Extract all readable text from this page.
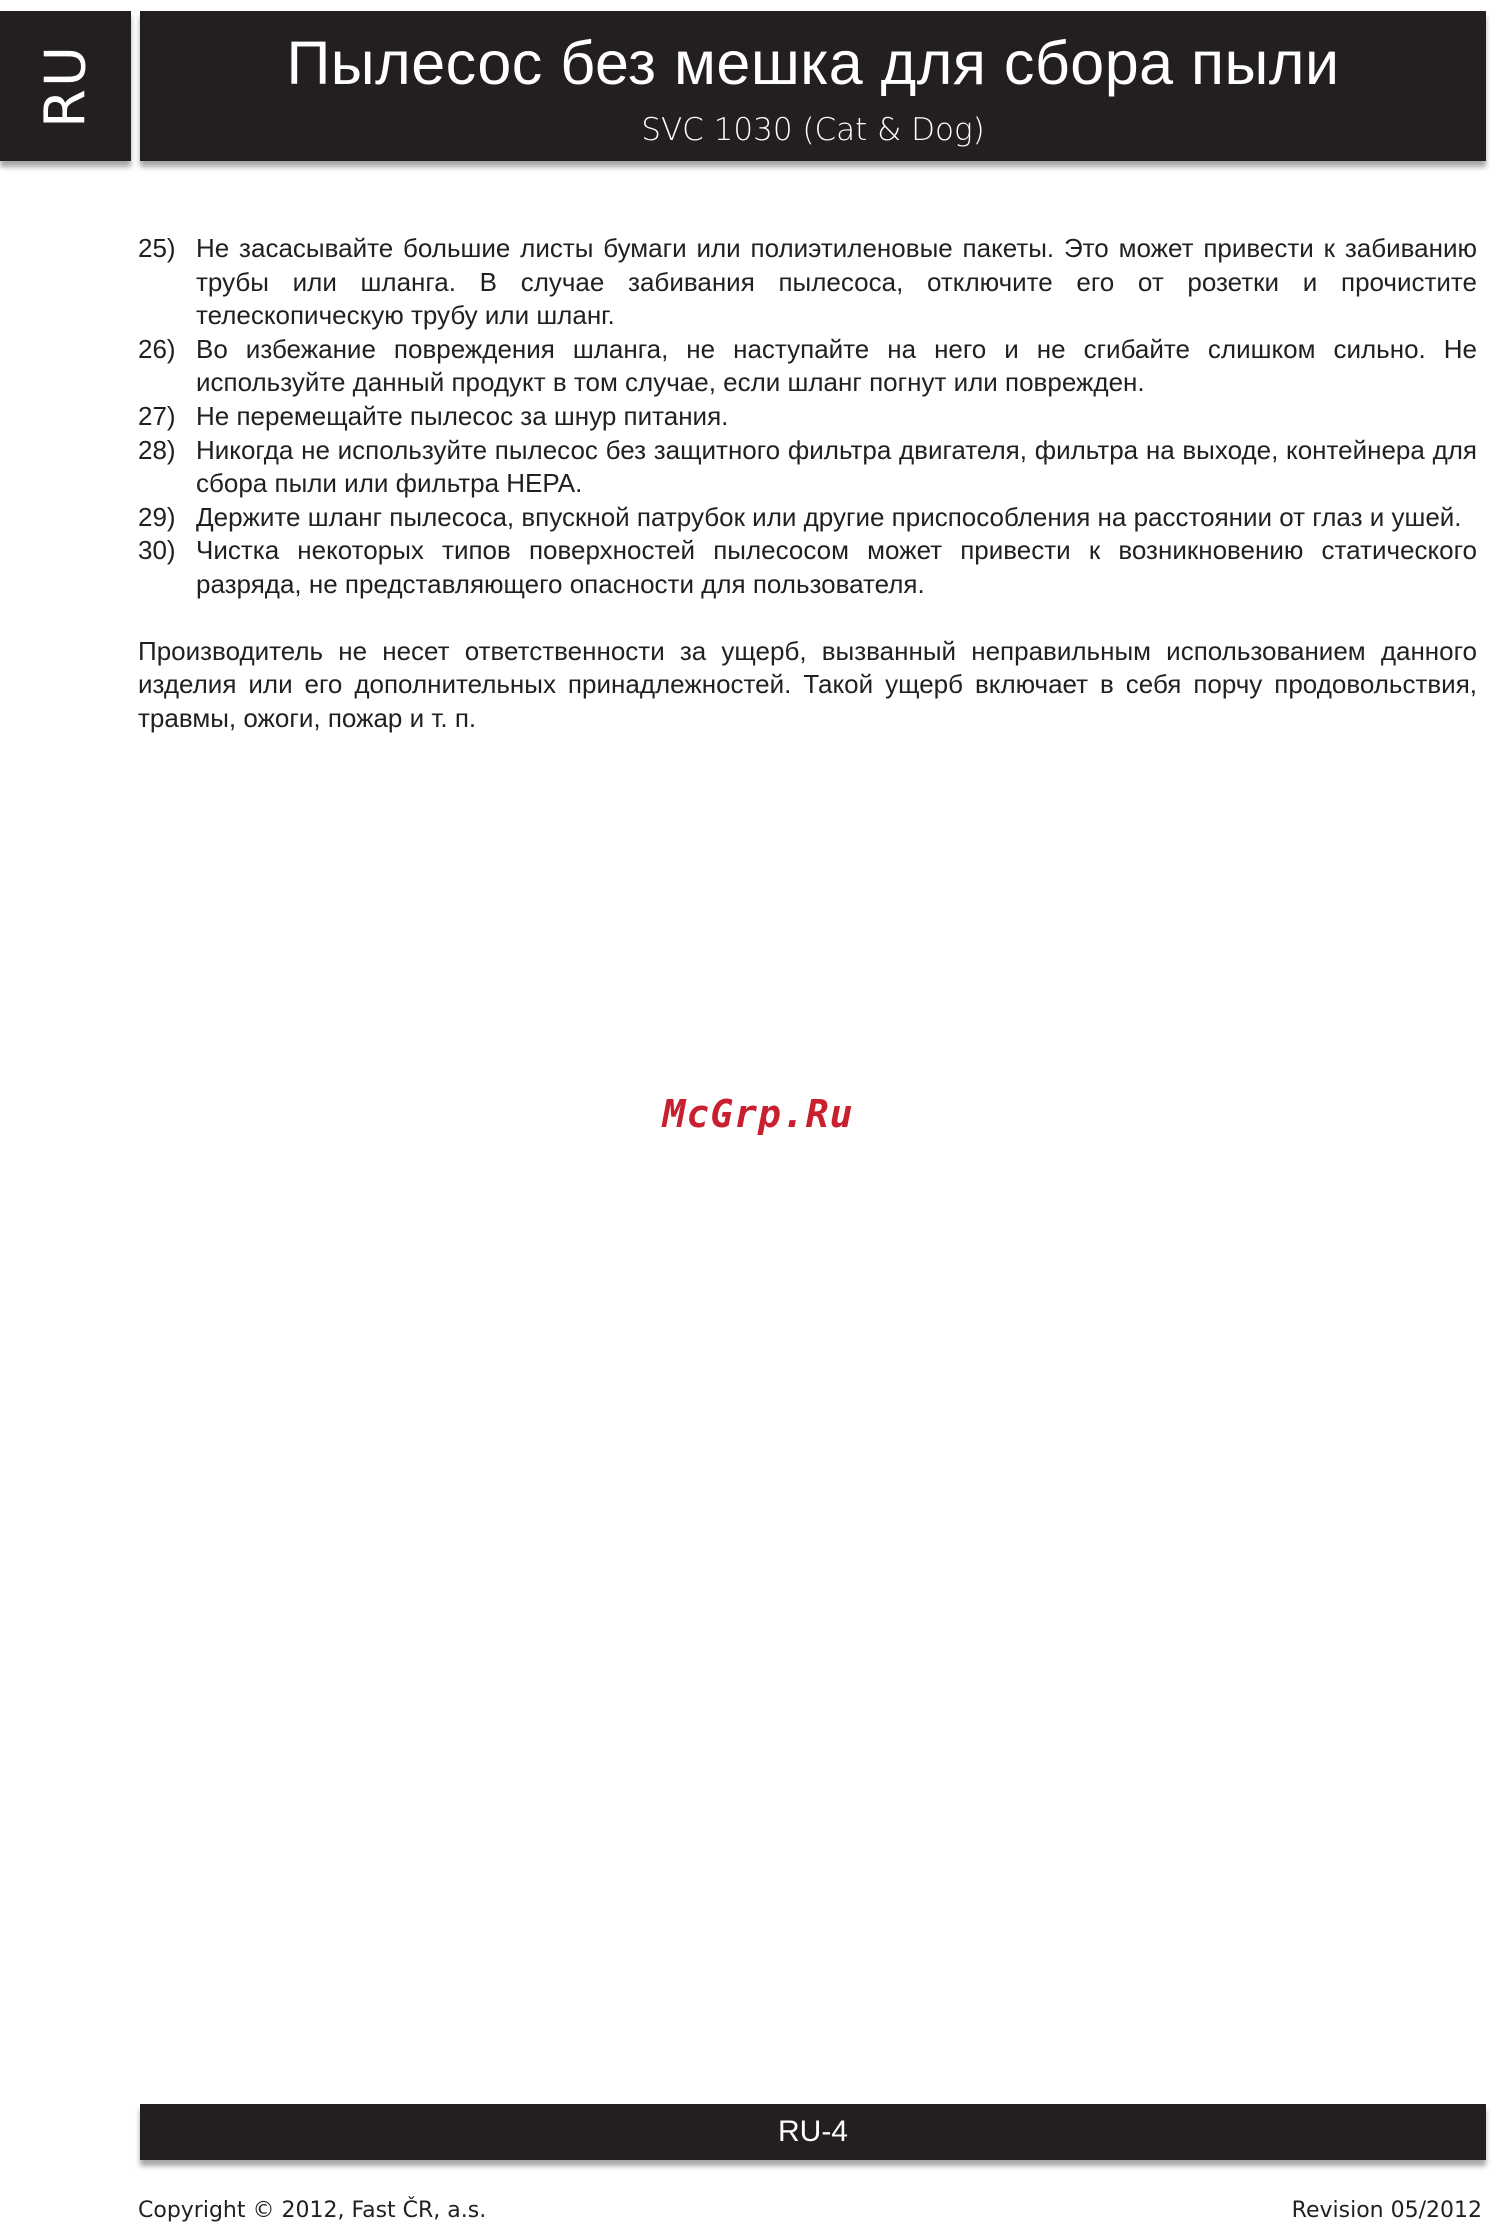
RU	Пылесос без мешка для сбора пыли
SVC 1030 (Cat & Dog)
25) Не засасывайте большие листы бумаги или полиэтиленовые пакеты. Это может привести к забиванию трубы или шланга. В случае забивания пылесоса, отключите его от розетки и прочистите телескопическую трубу или шланг.
26) Во избежание повреждения шланга, не наступайте на него и не сгибайте слишком сильно. Не используйте данный продукт в том случае, если шланг погнут или поврежден.
27) Не перемещайте пылесос за шнур питания.
28) Никогда не используйте пылесос без защитного фильтра двигателя, фильтра на выходе, контейнера для сбора пыли или фильтра HEPA.
29) Держите шланг пылесоса, впускной патрубок или другие приспособления на расстоянии от глаз и ушей.
30) Чистка некоторых типов поверхностей пылесосом может привести к возникновению статического разряда, не представляющего опасности для пользователя.

Производитель не несет ответственности за ущерб, вызванный неправильным использованием данного изделия или его дополнительных принадлежностей. Такой ущерб включает в себя порчу продовольствия, травмы, ожоги, пожар и т. п.

McGrp.Ru
RU-4
Copyright © 2012, Fast ČR, a.s.	Revision 05/2012
